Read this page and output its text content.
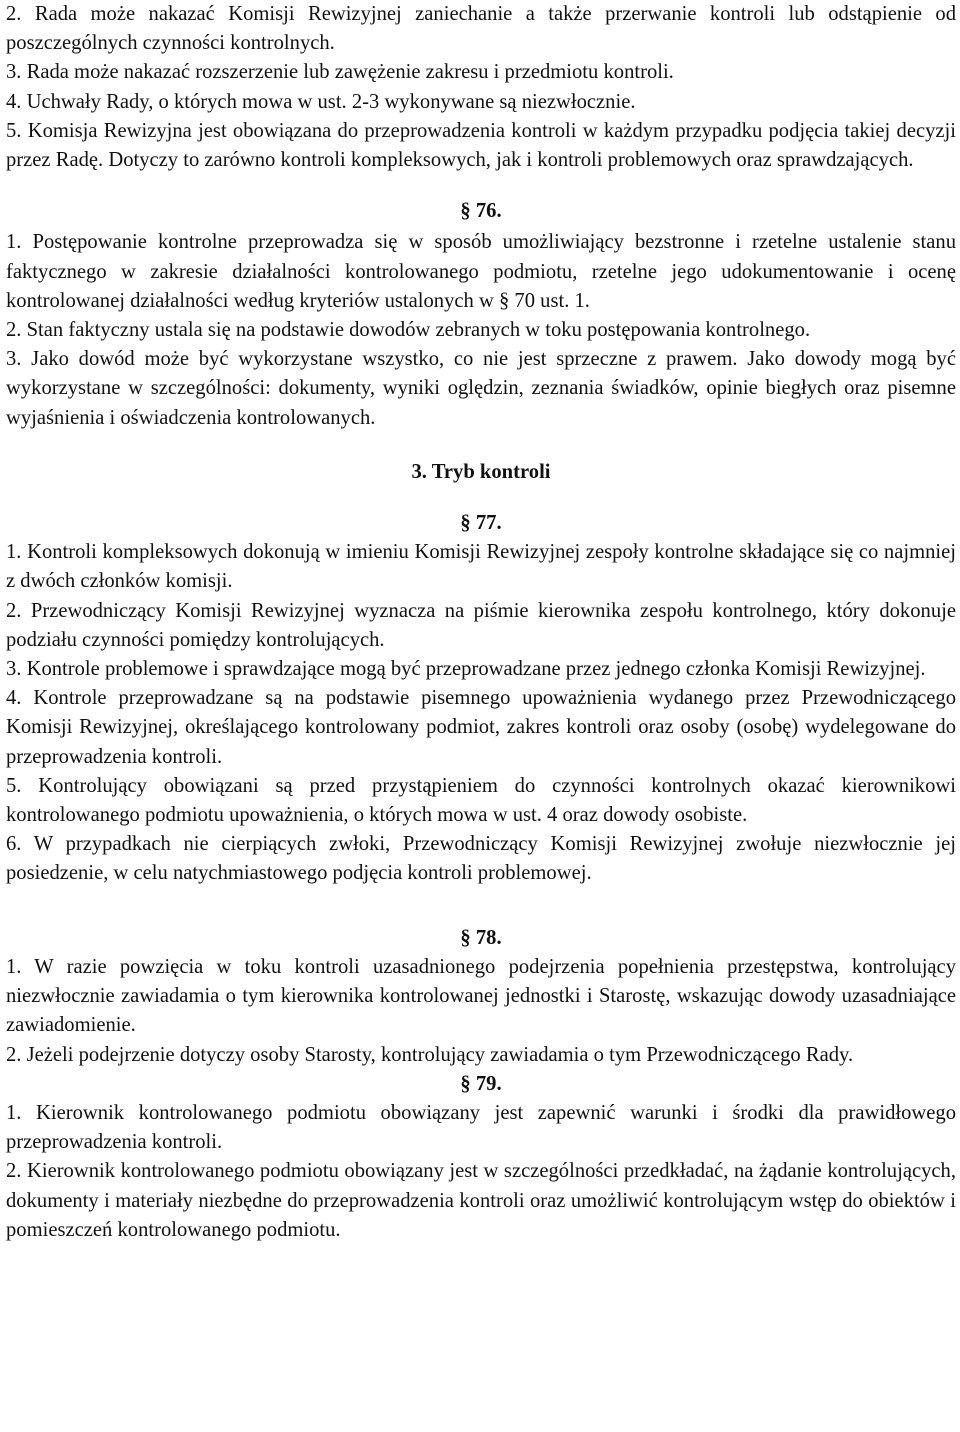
2. Rada może nakazać Komisji Rewizyjnej zaniechanie a także przerwanie kontroli lub odstąpienie od poszczególnych czynności kontrolnych.

3. Rada może nakazać rozszerzenie lub zawężenie zakresu i przedmiotu kontroli.

4. Uchwały Rady, o których mowa w ust. 2-3 wykonywane są niezwłocznie.

5. Komisja Rewizyjna jest obowiązana do przeprowadzenia kontroli w każdym przypadku podjęcia takiej decyzji przez Radę. Dotyczy to zarówno kontroli kompleksowych, jak i kontroli problemowych oraz sprawdzających.

§ 76.

1. Postępowanie kontrolne przeprowadza się w sposób umożliwiający bezstronne i rzetelne ustalenie stanu faktycznego w zakresie działalności kontrolowanego podmiotu, rzetelne jego udokumentowanie i ocenę kontrolowanej działalności według kryteriów ustalonych w § 70 ust. 1.

2. Stan faktyczny ustala się na podstawie dowodów zebranych w toku postępowania kontrolnego.

3. Jako dowód może być wykorzystane wszystko, co nie jest sprzeczne z prawem. Jako dowody mogą być wykorzystane w szczególności: dokumenty, wyniki oględzin, zeznania świadków, opinie biegłych oraz pisemne wyjaśnienia i oświadczenia kontrolowanych.

3. Tryb kontroli

§ 77.

1. Kontroli kompleksowych dokonują w imieniu Komisji Rewizyjnej zespoły kontrolne składające się co najmniej z dwóch członków komisji.

2. Przewodniczący Komisji Rewizyjnej wyznacza na piśmie kierownika zespołu kontrolnego, który dokonuje podziału czynności pomiędzy kontrolujących.

3. Kontrole problemowe i sprawdzające mogą być przeprowadzane przez jednego członka Komisji Rewizyjnej.

4. Kontrole przeprowadzane są na podstawie pisemnego upoważnienia wydanego przez Przewodniczącego Komisji Rewizyjnej, określającego kontrolowany podmiot, zakres kontroli oraz osoby (osobę) wydelegowane do przeprowadzenia kontroli.

5. Kontrolujący obowiązani są przed przystąpieniem do czynności kontrolnych okazać kierownikowi kontrolowanego podmiotu upoważnienia, o których mowa w ust. 4 oraz dowody osobiste.

6. W przypadkach nie cierpiących zwłoki, Przewodniczący Komisji Rewizyjnej zwołuje niezwłocznie jej posiedzenie, w celu natychmiastowego podjęcia kontroli problemowej.

§ 78.

1. W razie powzięcia w toku kontroli uzasadnionego podejrzenia popełnienia przestępstwa, kontrolujący niezwłocznie zawiadamia o tym kierownika kontrolowanej jednostki i Starostę, wskazując dowody uzasadniające zawiadomienie.

2. Jeżeli podejrzenie dotyczy osoby Starosty, kontrolujący zawiadamia o tym Przewodniczącego Rady.

§ 79.

1. Kierownik kontrolowanego podmiotu obowiązany jest zapewnić warunki i środki dla prawidłowego przeprowadzenia kontroli.

2. Kierownik kontrolowanego podmiotu obowiązany jest w szczególności przedkładać, na żądanie kontrolujących, dokumenty i materiały niezbędne do przeprowadzenia kontroli oraz umożliwić kontrolującym wstęp do obiektów i pomieszczeń kontrolowanego podmiotu.
